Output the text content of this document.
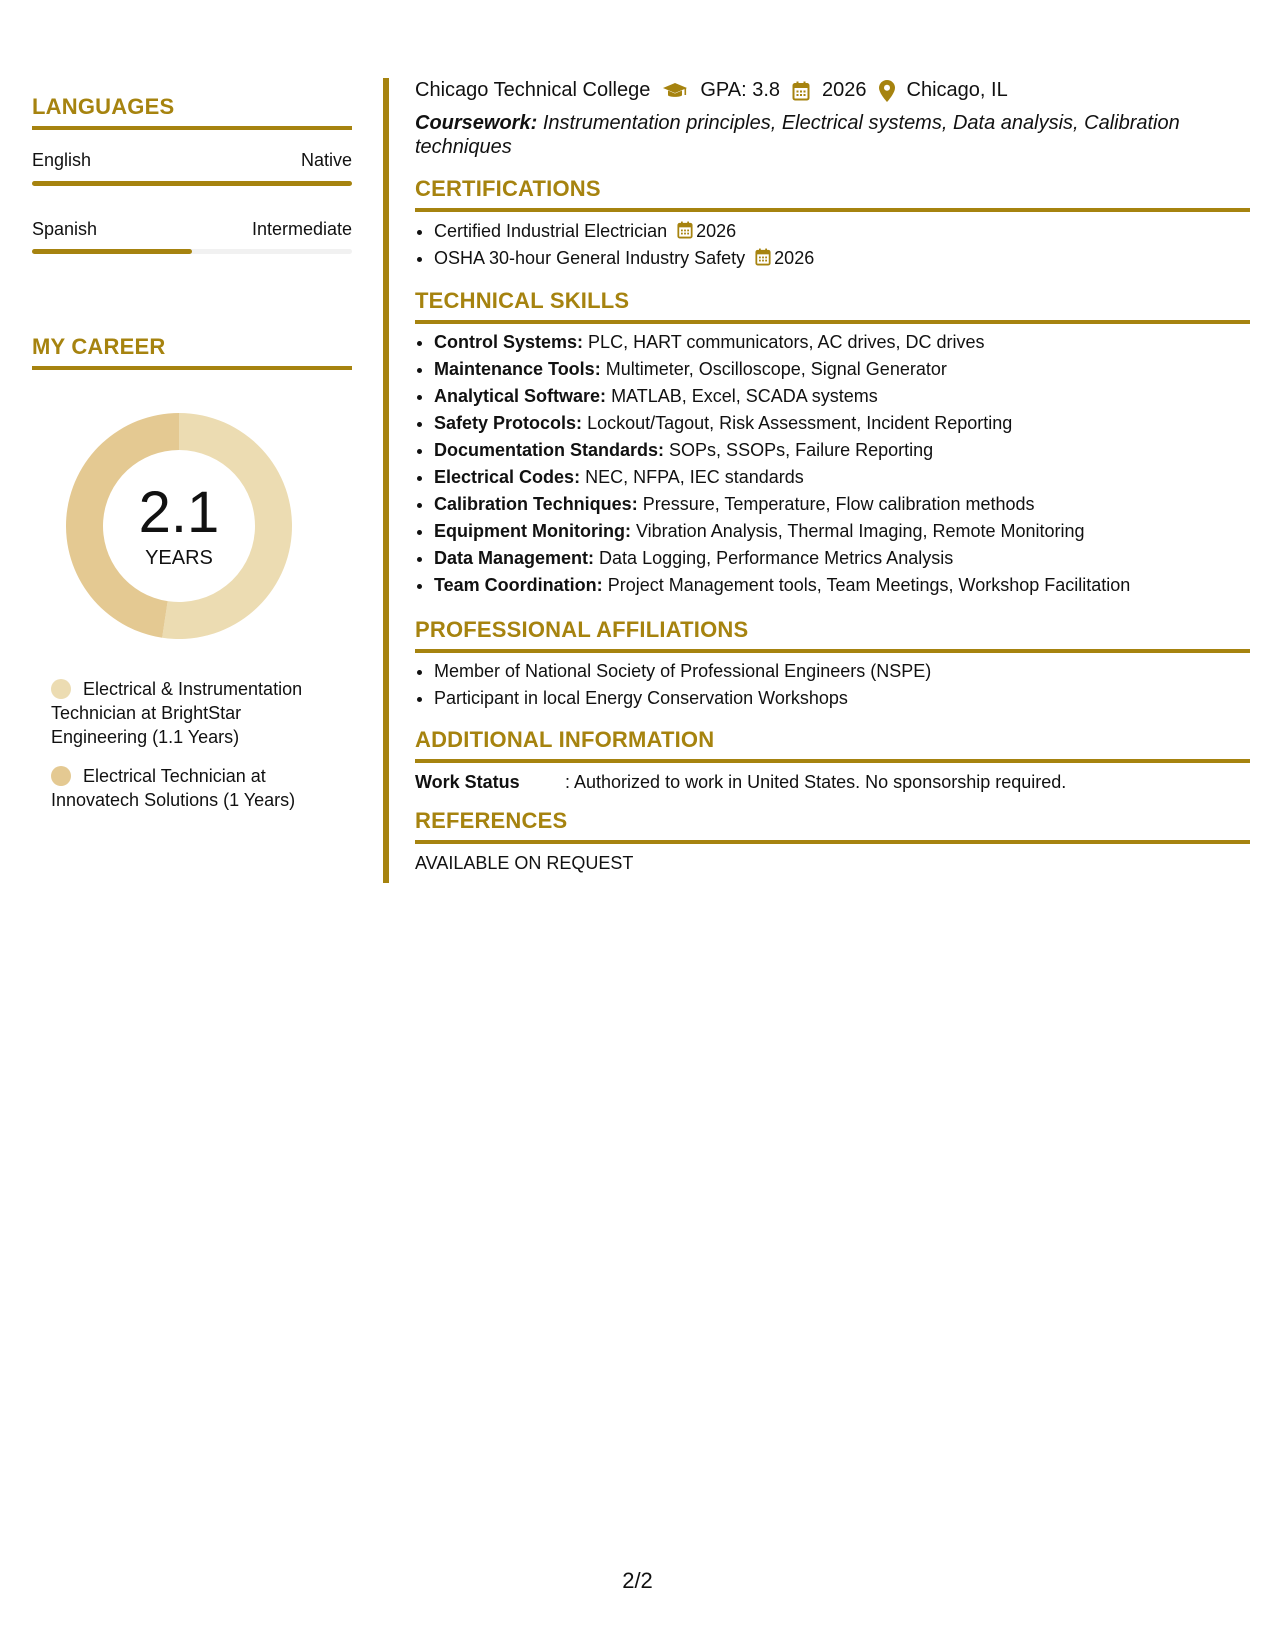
LANGUAGES
English	Native
Spanish	Intermediate
MY CAREER
2.1
YEARS
Electrical & Instrumentation Technician at BrightStar Engineering (1.1 Years)
Electrical Technician at Innovatech Solutions (1 Years)
Chicago Technical College	GPA: 3.8 2026 Chicago, IL
Coursework: Instrumentation principles, Electrical systems, Data analysis, Calibration techniques
CERTIFICATIONS
• Certified Industrial Electrician 2026
• OSHA 30-hour General Industry Safety 2026
TECHNICAL SKILLS
• Control Systems: PLC, HART communicators, AC drives, DC drives
• Maintenance Tools: Multimeter, Oscilloscope, Signal Generator
• Analytical Software: MATLAB, Excel, SCADA systems
• Safety Protocols: Lockout/Tagout, Risk Assessment, Incident Reporting
• Documentation Standards: SOPs, SSOPs, Failure Reporting
• Electrical Codes: NEC, NFPA, IEC standards
• Calibration Techniques: Pressure, Temperature, Flow calibration methods
• Equipment Monitoring: Vibration Analysis, Thermal Imaging, Remote Monitoring
• Data Management: Data Logging, Performance Metrics Analysis
• Team Coordination: Project Management tools, Team Meetings, Workshop Facilitation
PROFESSIONAL AFFILIATIONS
• Member of National Society of Professional Engineers (NSPE)
• Participant in local Energy Conservation Workshops
ADDITIONAL INFORMATION
Work Status	: Authorized to work in United States. No sponsorship required.
REFERENCES
AVAILABLE ON REQUEST
2/2
